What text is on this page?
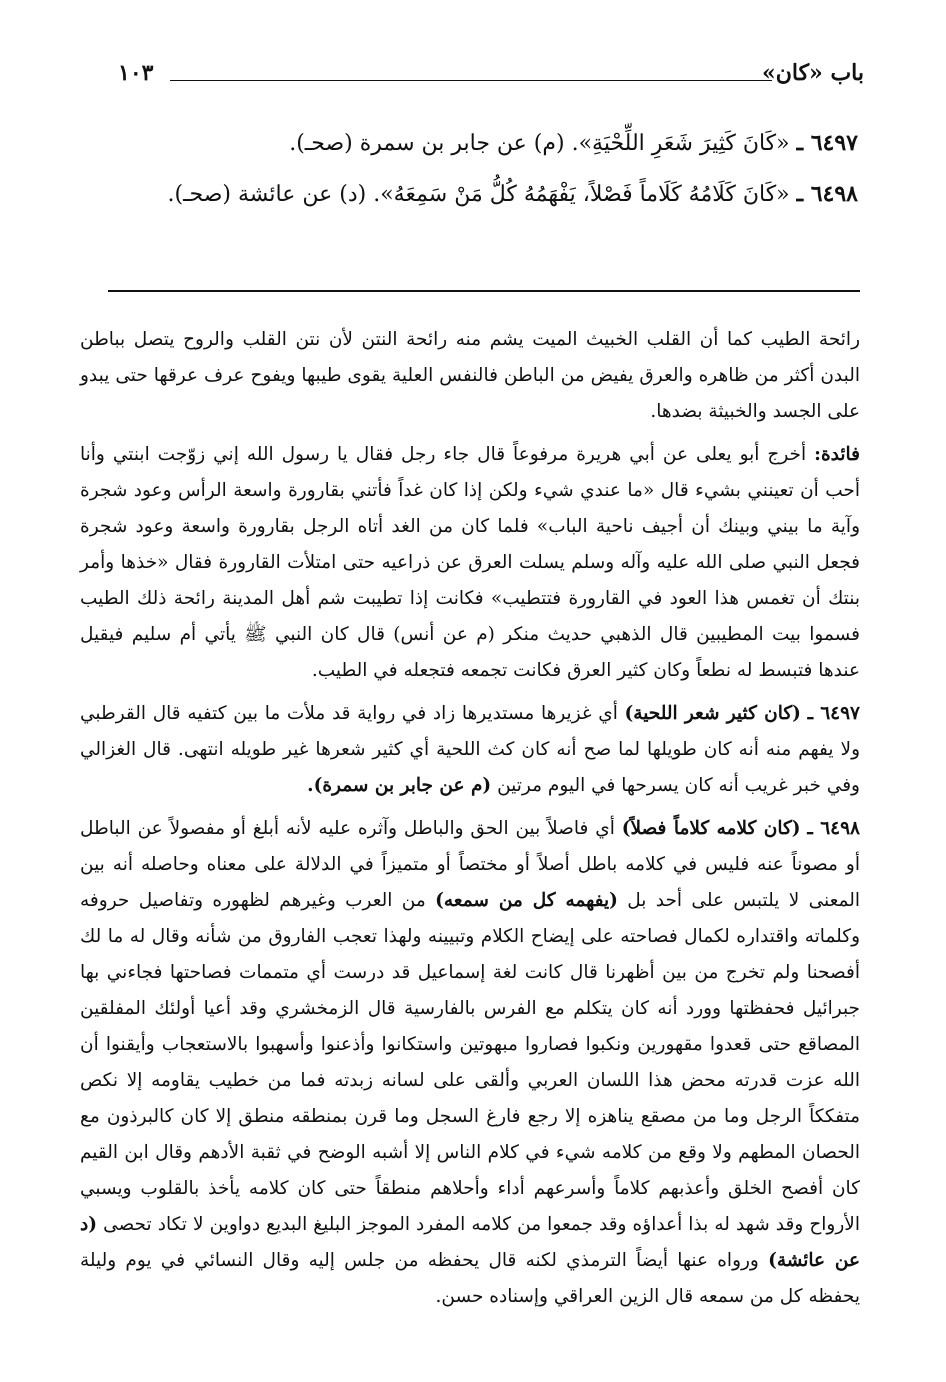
باب «كان»
١٠٣
٦٤٩٧ ـ «كَانَ كَثِيرَ شَعَرِ اللِّحْيَةِ». (م) عن جابر بن سمرة (صحـ).
٦٤٩٨ ـ «كَانَ كَلَامُهُ كَلَاماً فَصْلاً، يَفْهَمُهُ كُلُّ مَنْ سَمِعَهُ». (د) عن عائشة (صحـ).

رائحة الطيب كما أن القلب الخبيث الميت يشم منه رائحة النتن لأن نتن القلب والروح يتصل بباطن البدن أكثر من ظاهره والعرق يفيض من الباطن فالنفس العلية يقوى طيبها ويفوح عرف عرقها حتى يبدو على الجسد والخبيثة بضدها.

فائدة: أخرج أبو يعلى عن أبي هريرة مرفوعاً قال جاء رجل فقال يا رسول الله إني زوّجت ابنتي وأنا أحب أن تعينني بشيء قال «ما عندي شيء ولكن إذا كان غداً فأتني بقارورة واسعة الرأس وعود شجرة وآية ما بيني وبينك أن أجيف ناحية الباب» فلما كان من الغد أتاه الرجل بقارورة واسعة وعود شجرة فجعل النبي صلى الله عليه وآله وسلم يسلت العرق عن ذراعيه حتى امتلأت القارورة فقال «خذها وأمر بنتك أن تغمس هذا العود في القارورة فتتطيب» فكانت إذا تطيبت شم أهل المدينة رائحة ذلك الطيب فسموا بيت المطيبين قال الذهبي حديث منكر (م عن أنس) قال كان النبي ﷺ يأتي أم سليم فيقيل عندها فتبسط له نطعاً وكان كثير العرق فكانت تجمعه فتجعله في الطيب.

٦٤٩٧ ـ (كان كثير شعر اللحية) أي غزيرها مستديرها زاد في رواية قد ملأت ما بين كتفيه قال القرطبي ولا يفهم منه أنه كان طويلها لما صح أنه كان كث اللحية أي كثير شعرها غير طويله انتهى. قال الغزالي وفي خبر غريب أنه كان يسرحها في اليوم مرتين (م عن جابر بن سمرة).

٦٤٩٨ ـ (كان كلامه كلاماً فصلاً) أي فاصلاً بين الحق والباطل وآثره عليه لأنه أبلغ أو مفصولاً عن الباطل أو مصوناً عنه فليس في كلامه باطل أصلاً أو مختصاً أو متميزاً في الدلالة على معناه وحاصله أنه بين المعنى لا يلتبس على أحد بل (يفهمه كل من سمعه) من العرب وغيرهم لظهوره وتفاصيل حروفه وكلماته واقتداره لكمال فصاحته على إيضاح الكلام وتبيينه ولهذا تعجب الفاروق من شأنه وقال له ما لك أفصحنا ولم تخرج من بين أظهرنا قال كانت لغة إسماعيل قد درست أي متممات فصاحتها فجاءني بها جبرائيل فحفظتها وورد أنه كان يتكلم مع الفرس بالفارسية قال الزمخشري وقد أعيا أولئك المفلقين المصاقع حتى قعدوا مقهورين ونكبوا فصاروا مبهوتين واستكانوا وأذعنوا وأسهبوا بالاستعجاب وأيقنوا أن الله عزت قدرته محض هذا اللسان العربي وألقى على لسانه زبدته فما من خطيب يقاومه إلا نكص متفككاً الرجل وما من مصقع يناهزه إلا رجع فارغ السجل وما قرن بمنطقه منطق إلا كان كالبرذون مع الحصان المطهم ولا وقع من كلامه شيء في كلام الناس إلا أشبه الوضح في ثقبة الأدهم وقال ابن القيم كان أفصح الخلق وأعذبهم كلاماً وأسرعهم أداء وأحلاهم منطقاً حتى كان كلامه يأخذ بالقلوب ويسبي الأرواح وقد شهد له بذا أعداؤه وقد جمعوا من كلامه المفرد الموجز البليغ البديع دواوين لا تكاد تحصى (د عن عائشة) ورواه عنها أيضاً الترمذي لكنه قال يحفظه من جلس إليه وقال النسائي في يوم وليلة يحفظه كل من سمعه قال الزين العراقي وإسناده حسن.
